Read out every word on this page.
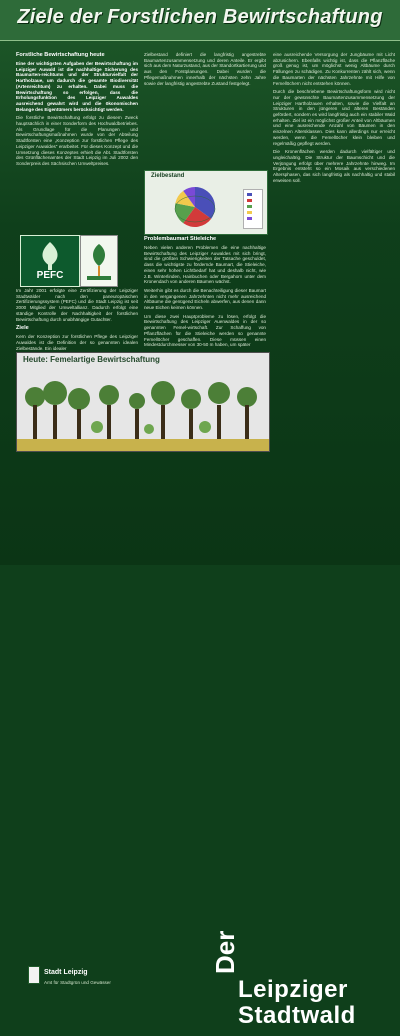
Ziele der Forstlichen Bewirtschaftung
Forstliche Bewirtschaftung heute
Eine der wichtigsten Aufgaben der Bewirtschaftung im Leipziger Auwald ist die nachhaltige Sicherung des Baumarten-reichtums und der Strukturvielfalt der Hartholzaue, um dadurch die gesamte Biodiversität (Artenreichtum) zu erhalten. Dabei muss die Bewirtschaftung so erfolgen, dass die Erholungsfunktion des Leipziger Auwaldes ausreichend gewahrt wird und die ökonomischen Belange des Eigentümers berücksichtigt werden.
Die forstliche Bewirtschaftung erfolgt zu diesem Zweck hauptsächlich in einer Sonderform des Hochwaldbetriebes. Als Grundlage für die Planungen und Bewirtschaftungsmaßnahmen wurde von der Abteilung Stadtforsten eine „Konzeption zur forstlichen Pflege des Leipziger Auwaldes“ erarbeitet. Für dieses Konzept und die Umsetzung dieses Konzeptes erhielt die Abt. Stadtforsten des Grünflächenamtes der Stadt Leipzig im Juli 2002 den Sonderpreis des Sächsischen Umweltpreises.
PEFC
Im Jahr 2001 erfolgte eine Zertifizierung der Leipziger Stadtwälder nach den paneuropäischen Zertifizierungssystem (PEFC) und die Stadt Leipzig ist seit 2000 Mitglied der Umweltallianz. Dadurch erfolgt eine ständige Kontrolle der Nachhaltigkeit der forstlichen Bewirtschaftung durch unabhängige Gutachter.
Ziele
Kern der Konzeption zur forstlichen Pflege des Leipziger Auwaldes ist die Definition der so genannten idealen Zielbestände. Ein idealer
Zielbestand definiert die langfristig angestrebte Baumartenzusammensetzung und deren Anteile. Er ergibt sich aus dem Naturzustand, aus der Standortkartierung und aus den Forstplanungen. Dabei wurden die Pflegemaßnahmen innerhalb der nächsten zehn Jahre sowie der langfristig angestrebte Zustand festgelegt.
Zielbestand
Problembaumart Stieleiche
Neben vielen anderen Problemen die eine nachhaltige Bewirtschaftung des Leipziger Auwaldes mit sich bringt, sind die größten Schwierigkeiten der Tatsache geschuldet, dass die wichtigste zu fördernde Baumart, die Stieleiche, einen sehr hohen Lichtbedarf hat und deshalb nicht, wie z.B. Winterlinden, Hainbuchen oder Bergahorn unter dem Kronendach von anderen Bäumen wächst.
Weiterhin gibt es durch die Benachteiligung dieser Baumart in den vergangenen Jahrzehnten nicht mehr ausreichend Altbäume die genügend Eicheln abwerfen, aus denen dann neue Eichen keimen können.
Um diese zwei Hauptprobleme zu lösen, erfolgt die Bewirtschaftung des Leipziger Auenwaldes in der so genannten Femel-wirtschaft. Zur Schaffung von Pflanzflächen für die Stieleiche werden so genannte Femellöcher geschaffen. Diese müssen einen Mindestdurchmesser von 30-50 m haben, um später
eine ausreichende Versorgung der Jungbäume mit Licht abzusichern. Ebenfalls wichtig ist, dass die Pflanzfläche groß genug ist, um möglichst wenig Altbäume durch Fällungen zu schädigen. Zu Konkurrenten zählt sich, wenn die Baumarten der nächsten Jahrzehnte mit Hilfe von Femellöchern nicht entstehen können.
Durch die beschriebene Bewirtschaftungsform wird nicht nur der gewünschte Baumartenzusammensetzung der Leipziger Hartholzauen erhalten, sowie die Vielfalt an Strukturen in den jüngeren und älteren Beständen gefördert, sondern es wird langfristig auch ein stabiler Wald erhalten. Ziel ist ein möglichst großer Anteil von Altbäumen und eine ausreichende Anzahl von Bäumen in den einzelnen Altersklassen. Dies kann allerdings nur erreicht werden, wenn die Femellöcher klein bleiben und regelmäßig gepflegt werden.
Die Kronenflächen werden dadurch vielfältiger und ungleichaltrig. Die Struktur der Baumschicht und die Verjüngung erfolgt über mehrere Jahrzehnte hinweg. Im Ergebnis entsteht so ein Mosaik aus verschiedenen Altersphasen, das sich langfristig als nachhaltig und stabil erweisen soll.
Heute: Femelartige Bewirtschaftung
Stadt Leipzig
Amt für Stadtgrün und Gewässer
Der
Leipziger
Stadtwald
